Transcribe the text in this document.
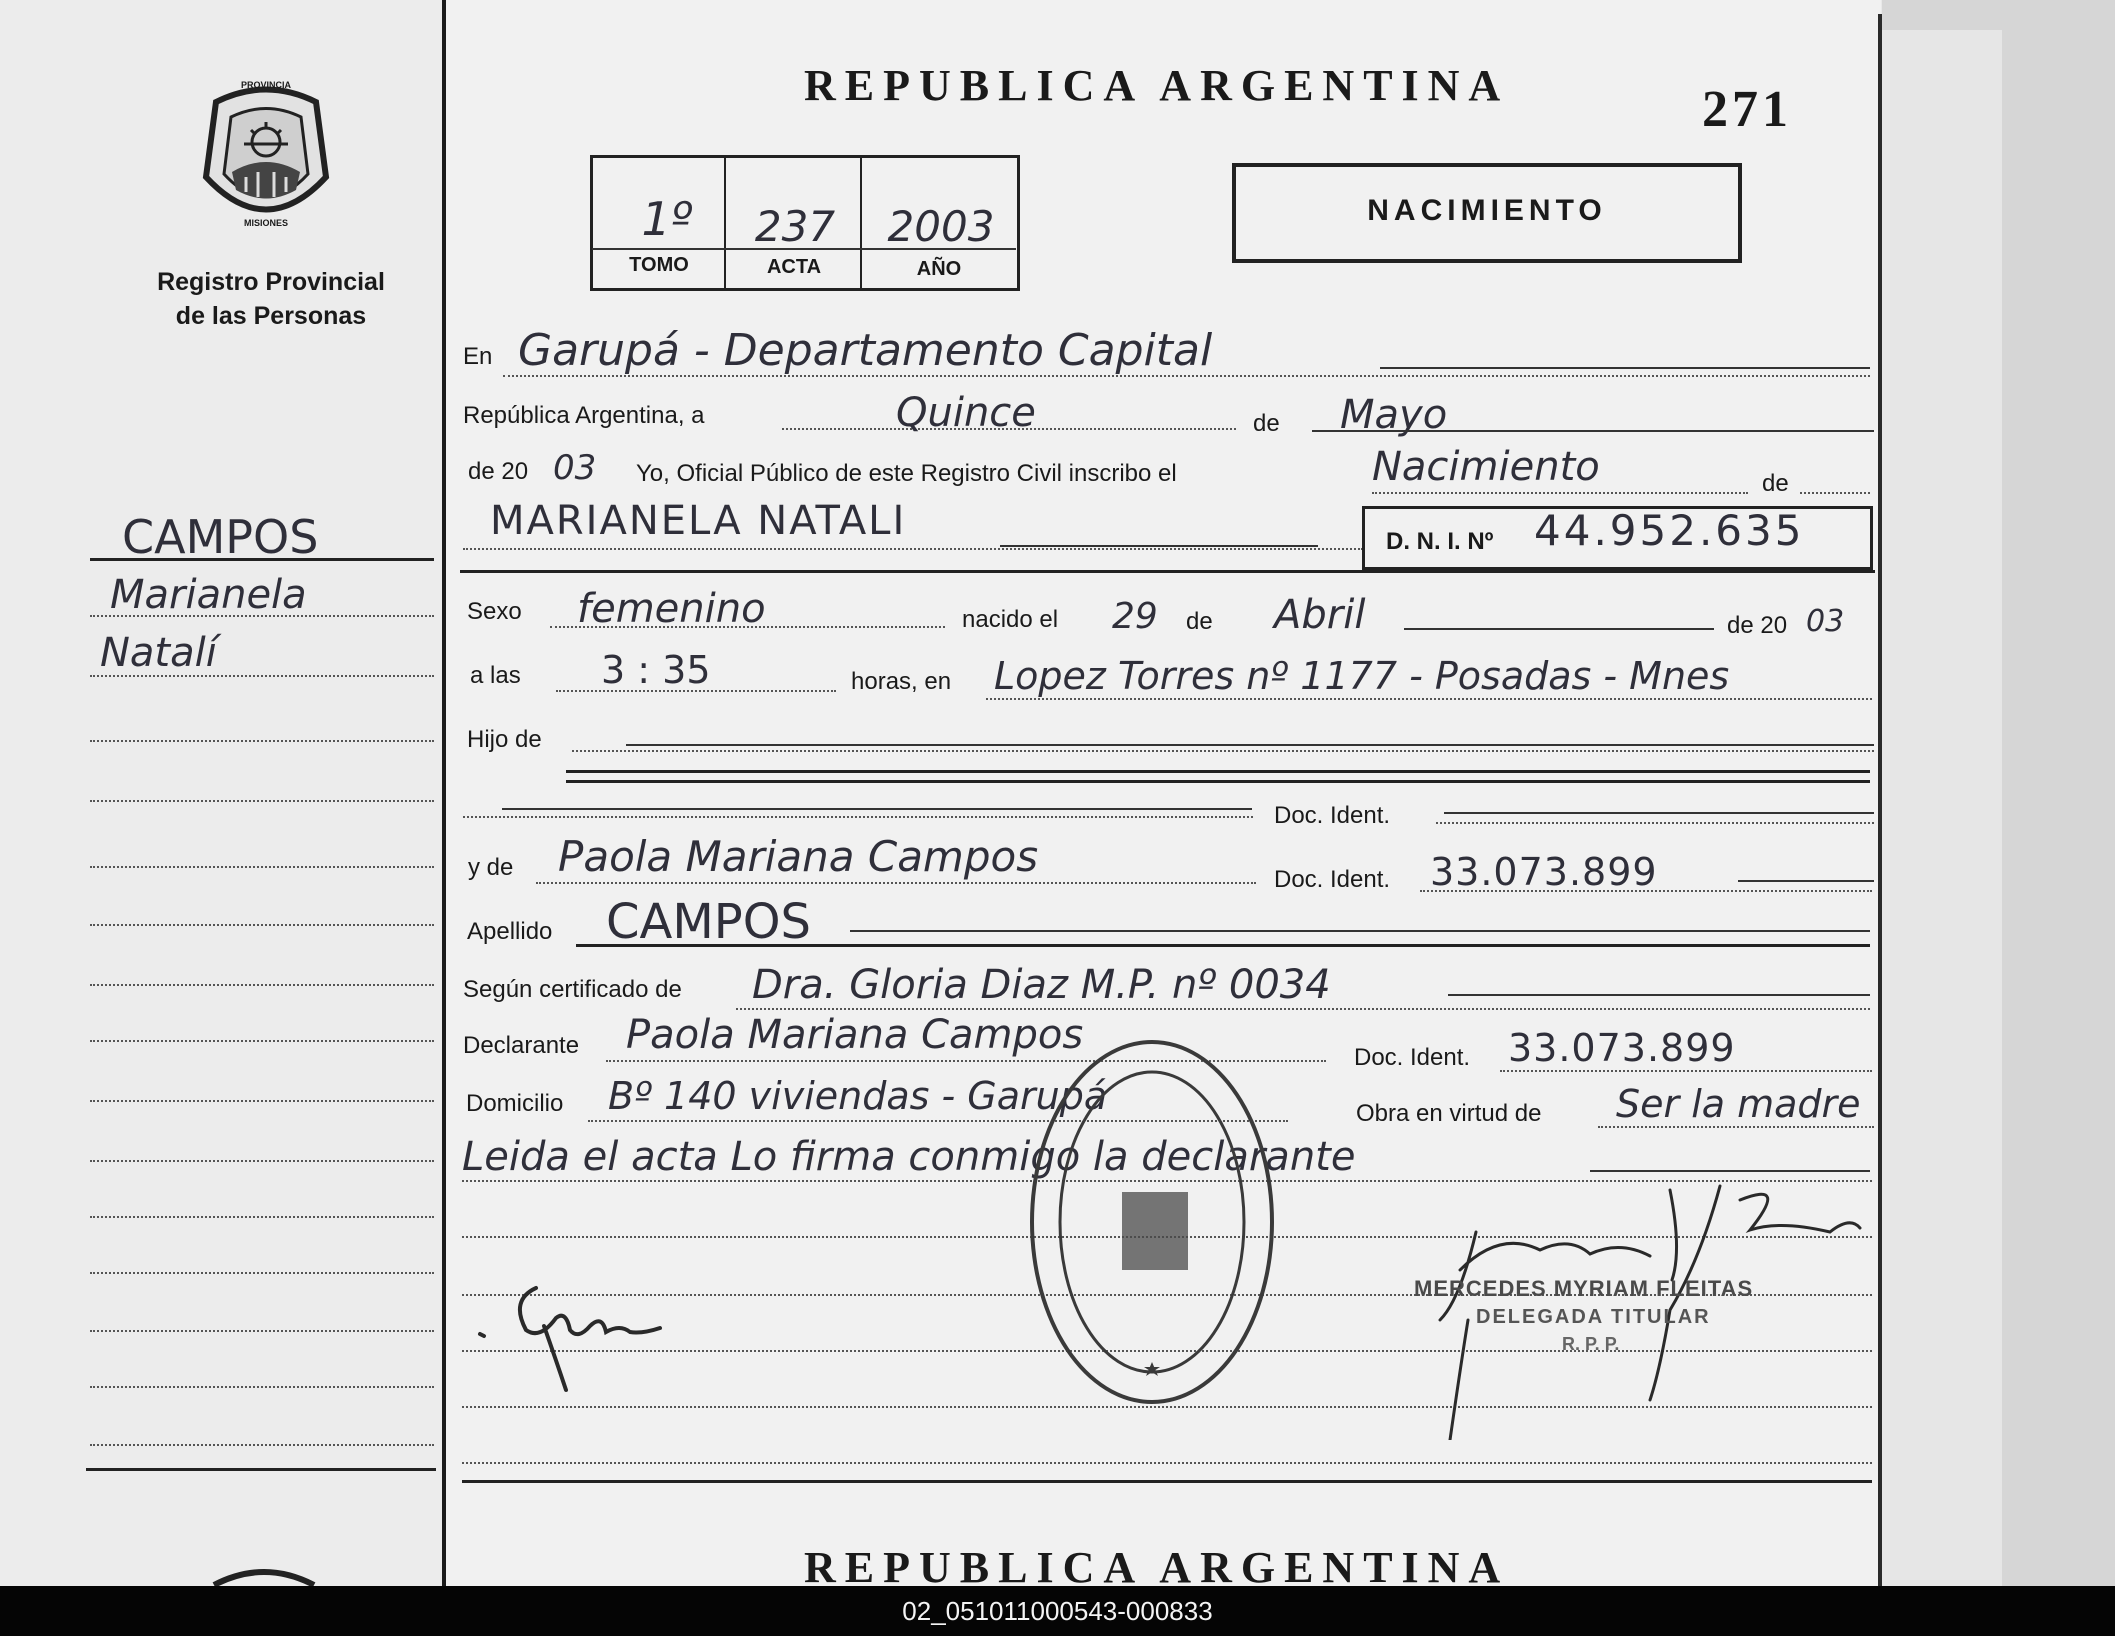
PROVINCIA
MISIONES
Registro Provincial
de las Personas
CAMPOS
Marianela
Natalí
REPUBLICA ARGENTINA	271
1º	237	2003
TOMO	ACTA	AÑO
NACIMIENTO
En Garupá - Departamento Capital
República Argentina, a	Quince	de Mayo
de 20 03 Yo, Oficial Público de este Registro Civil inscribo el	Nacimiento	de
MARIANELA NATALI	D. N. I. Nº 44.952.635
Sexo femenino	nacido el 29 de Abril	de 20 03
a las 3 : 35	horas, en Lopez Torres nº 1177 - Posadas - Mnes
Hijo de
Doc. Ident.
y de Paola Mariana Campos	Doc. Ident. 33.073.899
Apellido CAMPOS
Según certificado de Dra. Gloria Diaz M.P. nº 0034
Declarante Paola Mariana Campos	Doc. Ident. 33.073.899
Domicilio Bº 140 viviendas - Garupá	Obra en virtud de Ser la madre
Leida el acta Lo firma conmigo la declarante
MERCEDES MYRIAM FLEITAS
DELEGADA TITULAR
R. P. P.
REPUBLICA ARGENTINA
02_051011000543-000833
